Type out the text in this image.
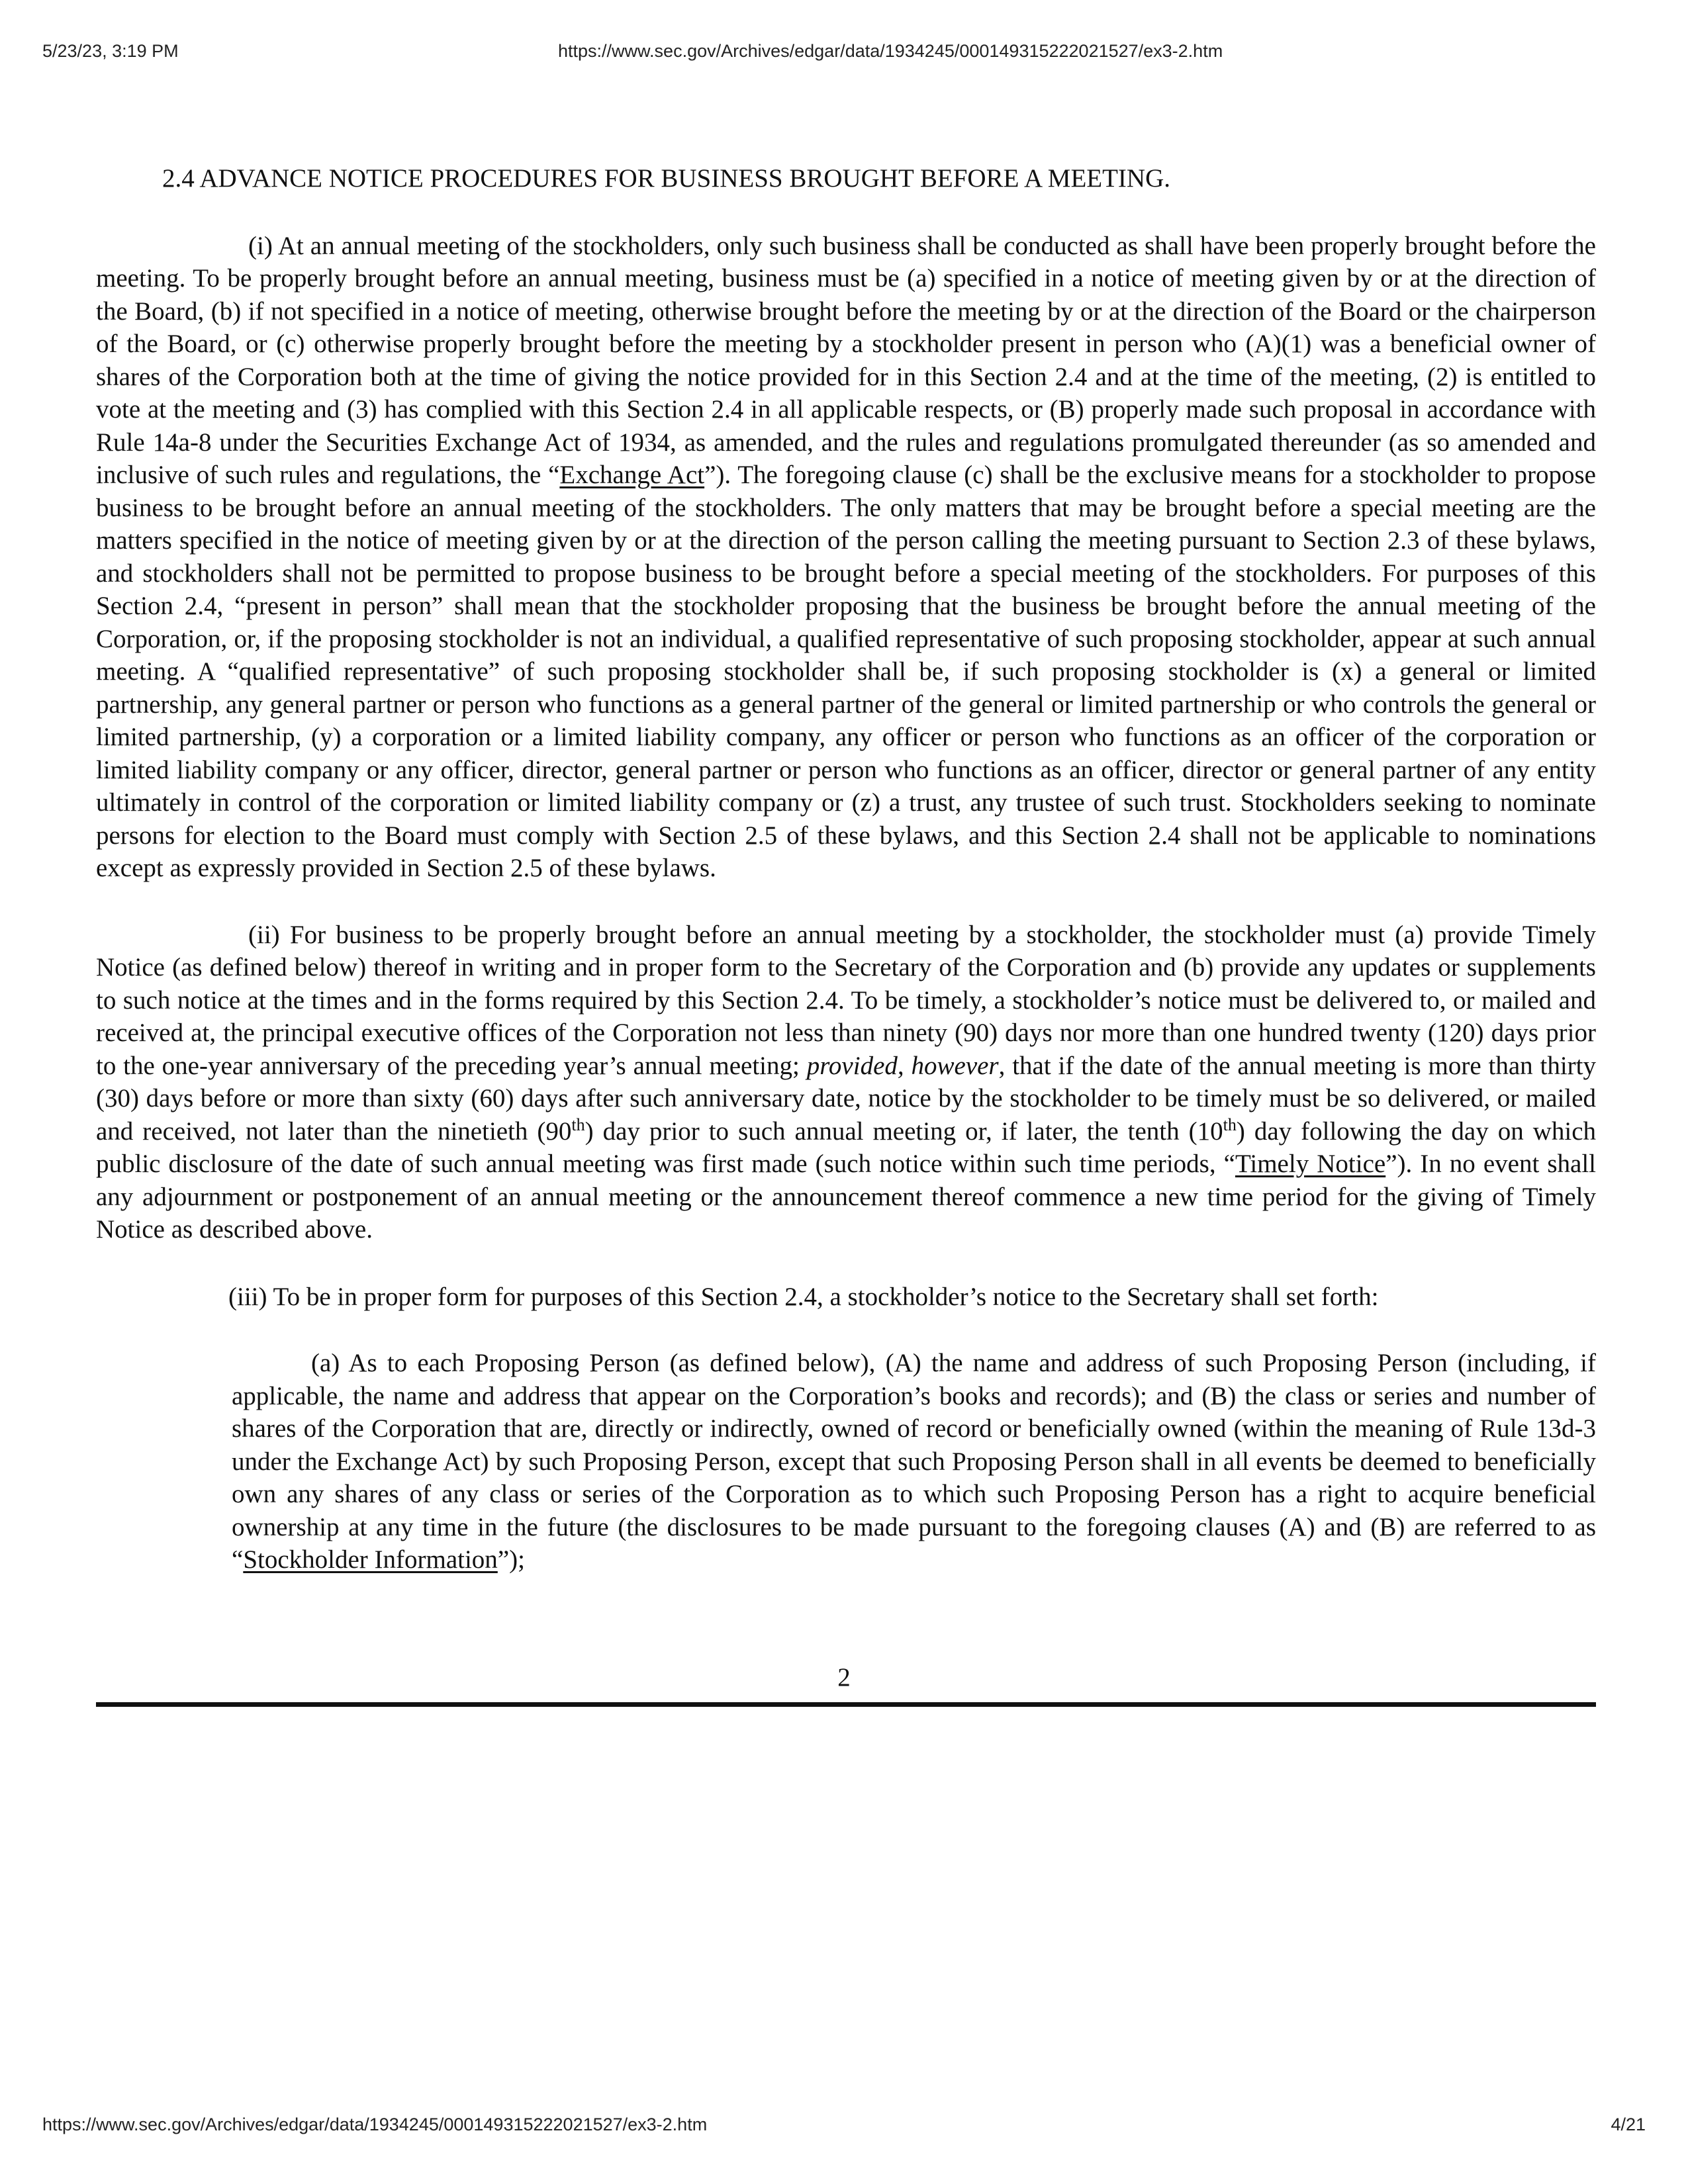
5/23/23, 3:19 PM	https://www.sec.gov/Archives/edgar/data/1934245/000149315222021527/ex3-2.htm

2.4 ADVANCE NOTICE PROCEDURES FOR BUSINESS BROUGHT BEFORE A MEETING.

(i) At an annual meeting of the stockholders, only such business shall be conducted as shall have been properly brought before the meeting. To be properly brought before an annual meeting, business must be (a) specified in a notice of meeting given by or at the direction of the Board, (b) if not specified in a notice of meeting, otherwise brought before the meeting by or at the direction of the Board or the chairperson of the Board, or (c) otherwise properly brought before the meeting by a stockholder present in person who (A)(1) was a beneficial owner of shares of the Corporation both at the time of giving the notice provided for in this Section 2.4 and at the time of the meeting, (2) is entitled to vote at the meeting and (3) has complied with this Section 2.4 in all applicable respects, or (B) properly made such proposal in accordance with Rule 14a-8 under the Securities Exchange Act of 1934, as amended, and the rules and regulations promulgated thereunder (as so amended and inclusive of such rules and regulations, the “Exchange Act”). The foregoing clause (c) shall be the exclusive means for a stockholder to propose business to be brought before an annual meeting of the stockholders. The only matters that may be brought before a special meeting are the matters specified in the notice of meeting given by or at the direction of the person calling the meeting pursuant to Section 2.3 of these bylaws, and stockholders shall not be permitted to propose business to be brought before a special meeting of the stockholders. For purposes of this Section 2.4, “present in person” shall mean that the stockholder proposing that the business be brought before the annual meeting of the Corporation, or, if the proposing stockholder is not an individual, a qualified representative of such proposing stockholder, appear at such annual meeting. A “qualified representative” of such proposing stockholder shall be, if such proposing stockholder is (x) a general or limited partnership, any general partner or person who functions as a general partner of the general or limited partnership or who controls the general or limited partnership, (y) a corporation or a limited liability company, any officer or person who functions as an officer of the corporation or limited liability company or any officer, director, general partner or person who functions as an officer, director or general partner of any entity ultimately in control of the corporation or limited liability company or (z) a trust, any trustee of such trust. Stockholders seeking to nominate persons for election to the Board must comply with Section 2.5 of these bylaws, and this Section 2.4 shall not be applicable to nominations except as expressly provided in Section 2.5 of these bylaws.

(ii) For business to be properly brought before an annual meeting by a stockholder, the stockholder must (a) provide Timely Notice (as defined below) thereof in writing and in proper form to the Secretary of the Corporation and (b) provide any updates or supplements to such notice at the times and in the forms required by this Section 2.4. To be timely, a stockholder’s notice must be delivered to, or mailed and received at, the principal executive offices of the Corporation not less than ninety (90) days nor more than one hundred twenty (120) days prior to the one-year anniversary of the preceding year’s annual meeting; provided, however, that if the date of the annual meeting is more than thirty (30) days before or more than sixty (60) days after such anniversary date, notice by the stockholder to be timely must be so delivered, or mailed and received, not later than the ninetieth (90th) day prior to such annual meeting or, if later, the tenth (10th) day following the day on which public disclosure of the date of such annual meeting was first made (such notice within such time periods, “Timely Notice”). In no event shall any adjournment or postponement of an annual meeting or the announcement thereof commence a new time period for the giving of Timely Notice as described above.

(iii) To be in proper form for purposes of this Section 2.4, a stockholder’s notice to the Secretary shall set forth:

(a) As to each Proposing Person (as defined below), (A) the name and address of such Proposing Person (including, if applicable, the name and address that appear on the Corporation’s books and records); and (B) the class or series and number of shares of the Corporation that are, directly or indirectly, owned of record or beneficially owned (within the meaning of Rule 13d-3 under the Exchange Act) by such Proposing Person, except that such Proposing Person shall in all events be deemed to beneficially own any shares of any class or series of the Corporation as to which such Proposing Person has a right to acquire beneficial ownership at any time in the future (the disclosures to be made pursuant to the foregoing clauses (A) and (B) are referred to as “Stockholder Information”);

2
https://www.sec.gov/Archives/edgar/data/1934245/000149315222021527/ex3-2.htm	4/21
